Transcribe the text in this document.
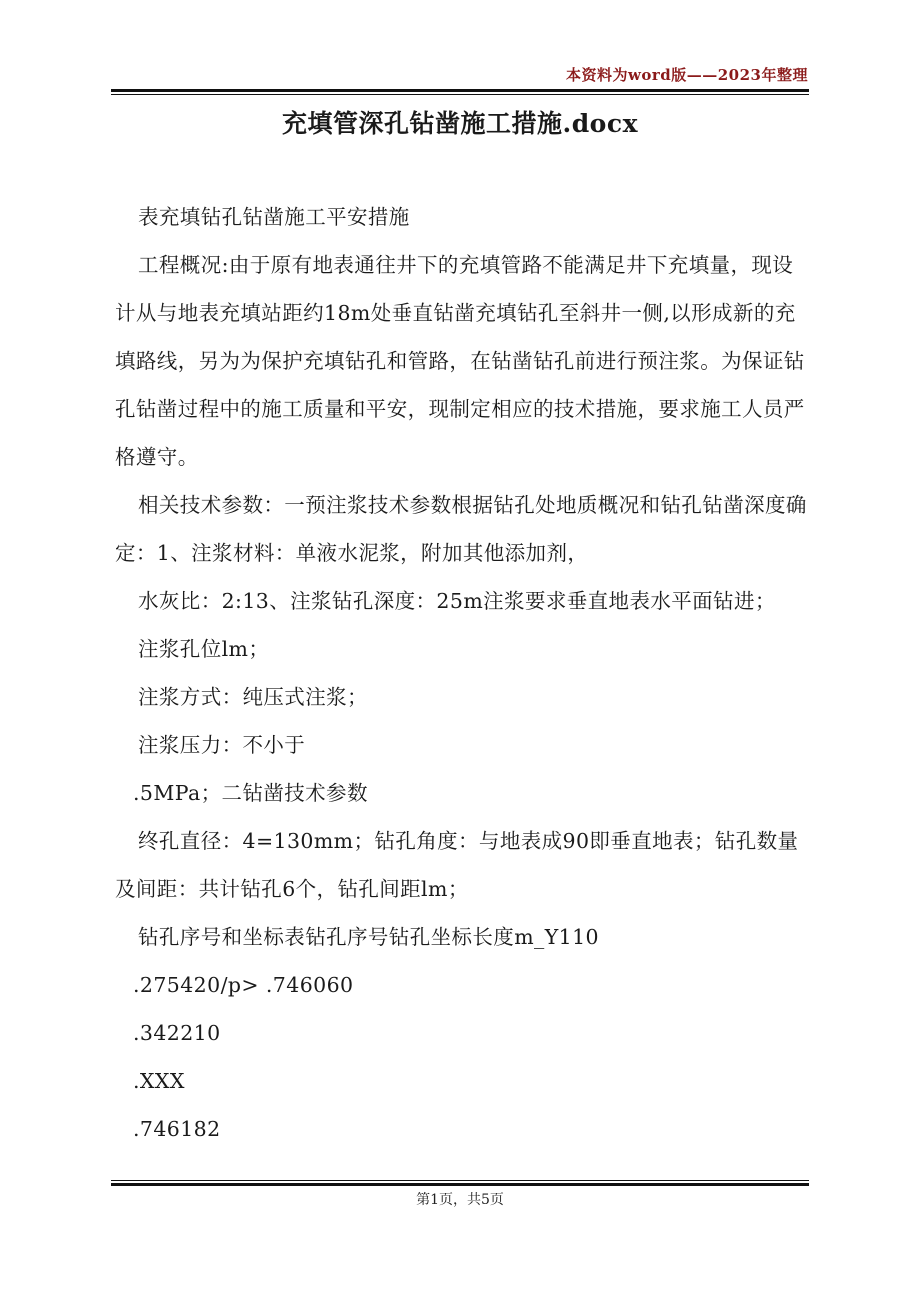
本资料为word版——2023年整理
充填管深孔钻凿施工措施.docx

表充填钻孔钻凿施工平安措施

工程概况:由于原有地表通往井下的充填管路不能满足井下充填量，现设计从与地表充填站距约18m处垂直钻凿充填钻孔至斜井一侧,以形成新的充填路线，另为为保护充填钻孔和管路，在钻凿钻孔前进行预注浆。为保证钻孔钻凿过程中的施工质量和平安，现制定相应的技术措施，要求施工人员严格遵守。

相关技术参数：一预注浆技术参数根据钻孔处地质概况和钻孔钻凿深度确定：1、注浆材料：单液水泥浆，附加其他添加剂，

水灰比：2:13、注浆钻孔深度：25m注浆要求垂直地表水平面钻进；

注浆孔位lm；

注浆方式：纯压式注浆；

注浆压力：不小于

.5MPa；二钻凿技术参数

终孔直径：4=130mm；钻孔角度：与地表成90即垂直地表；钻孔数量及间距：共计钻孔6个，钻孔间距lm；

钻孔序号和坐标表钻孔序号钻孔坐标长度m_Y110

.275420/p> .746060

.342210

.XXX

.746182

第1页，共5页
